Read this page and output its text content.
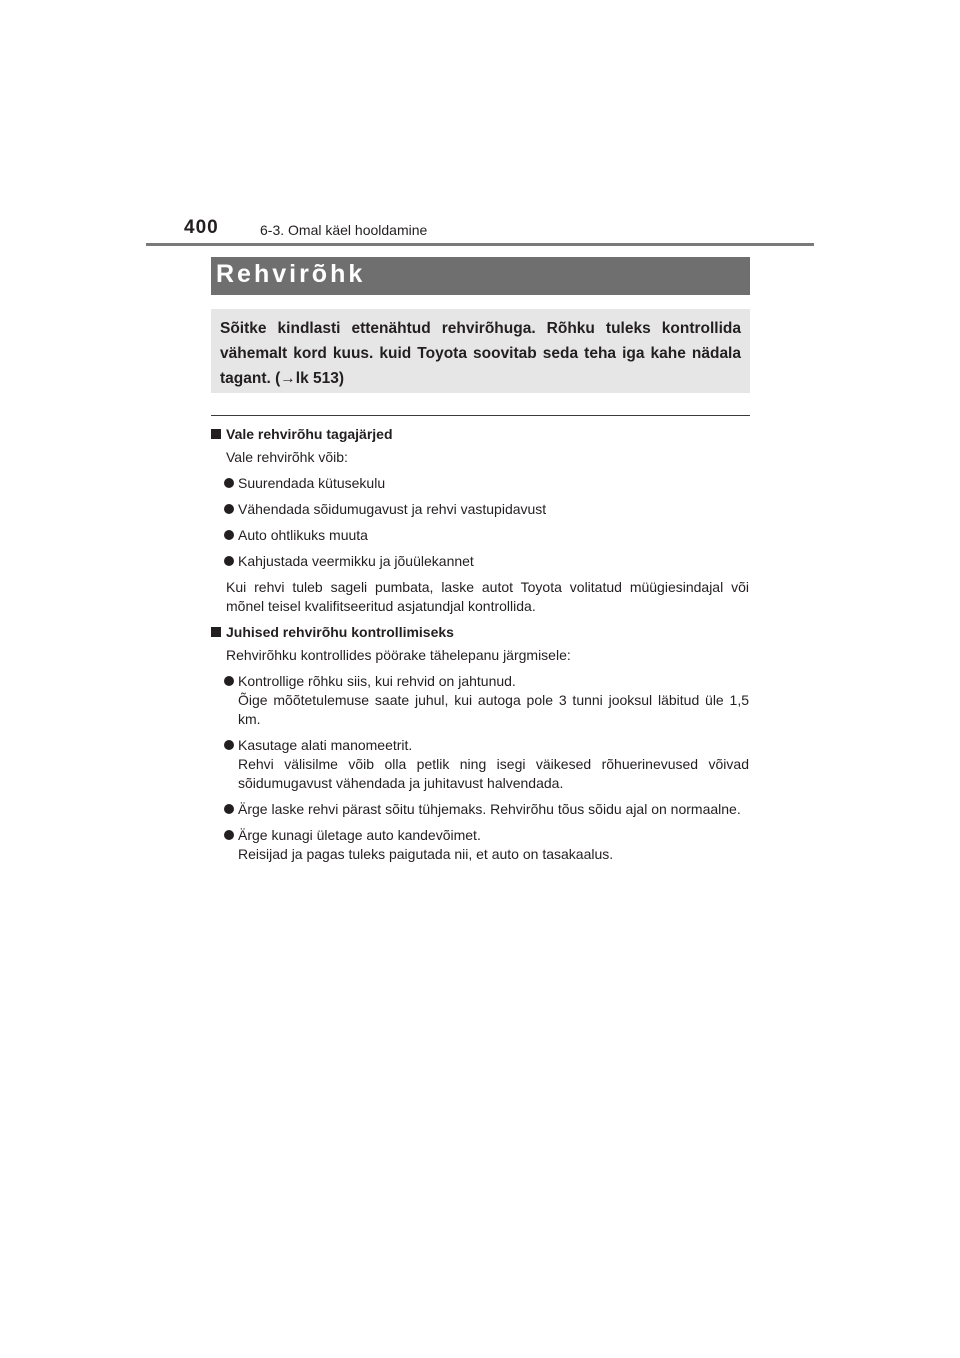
400	6-3. Omal käel hooldamine
Rehvirõhk
Sõitke kindlasti ettenähtud rehvirõhuga. Rõhku tuleks kontrollida vähemalt kord kuus. kuid Toyota soovitab seda teha iga kahe nädala tagant. (→lk 513)
Vale rehvirõhu tagajärjed
Vale rehvirõhk võib:
Suurendada kütusekulu
Vähendada sõidumugavust ja rehvi vastupidavust
Auto ohtlikuks muuta
Kahjustada veermikku ja jõuülekannet
Kui rehvi tuleb sageli pumbata, laske autot Toyota volitatud müügiesindajal või mõnel teisel kvalifitseeritud asjatundjal kontrollida.
Juhised rehvirõhu kontrollimiseks
Rehvirõhku kontrollides pöörake tähelepanu järgmisele:
Kontrollige rõhku siis, kui rehvid on jahtunud.
Õige mõõtetulemuse saate juhul, kui autoga pole 3 tunni jooksul läbitud üle 1,5 km.
Kasutage alati manomeetrit.
Rehvi välisilme võib olla petlik ning isegi väikesed rõhuerinevused võivad sõidumugavust vähendada ja juhitavust halvendada.
Ärge laske rehvi pärast sõitu tühjemaks. Rehvirõhu tõus sõidu ajal on normaalne.
Ärge kunagi ületage auto kandevõimet.
Reisijad ja pagas tuleks paigutada nii, et auto on tasakaalus.
